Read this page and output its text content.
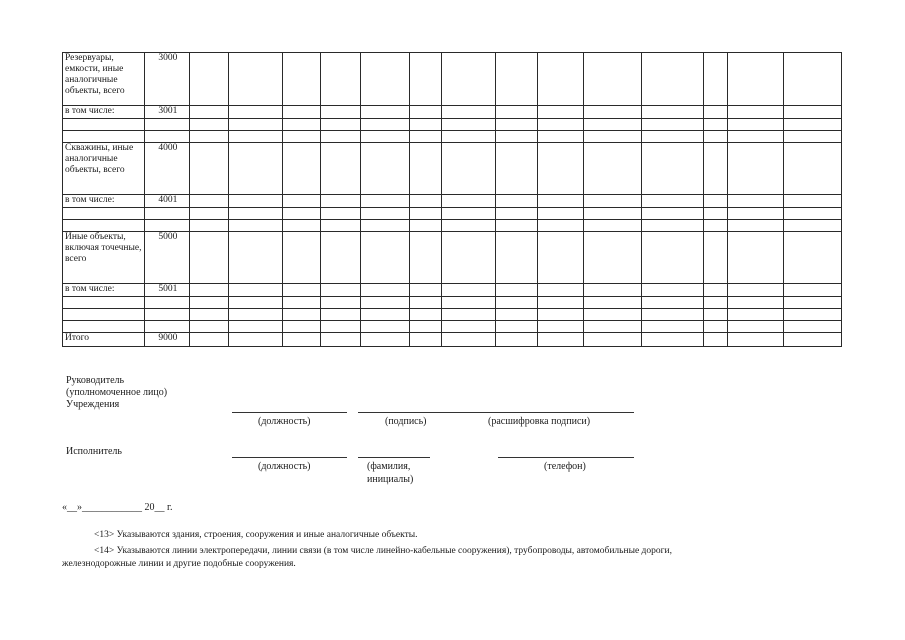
Резервуары, емкости, иные аналогичные объекты, всего	3000														
в том числе:	3001														

Скважины, иные аналогичные объекты, всего	4000														
в том числе:	4001														

Иные объекты, включая точечные, всего	5000														
в том числе:	5001														

Итого	9000														
Руководитель
(уполномоченное лицо)
Учреждения
(должность)	(подпись)	(расшифровка подписи)
Исполнитель
(должность)	(фамилия,
инициалы)
(телефон)
«__»____________ 20__ г.
<13> Указываются здания, строения, сооружения и иные аналогичные объекты.
<14> Указываются линии электропередачи, линии связи (в том числе линейно-кабельные сооружения), трубопроводы, автомобильные дороги,
железнодорожные линии и другие подобные сооружения.
